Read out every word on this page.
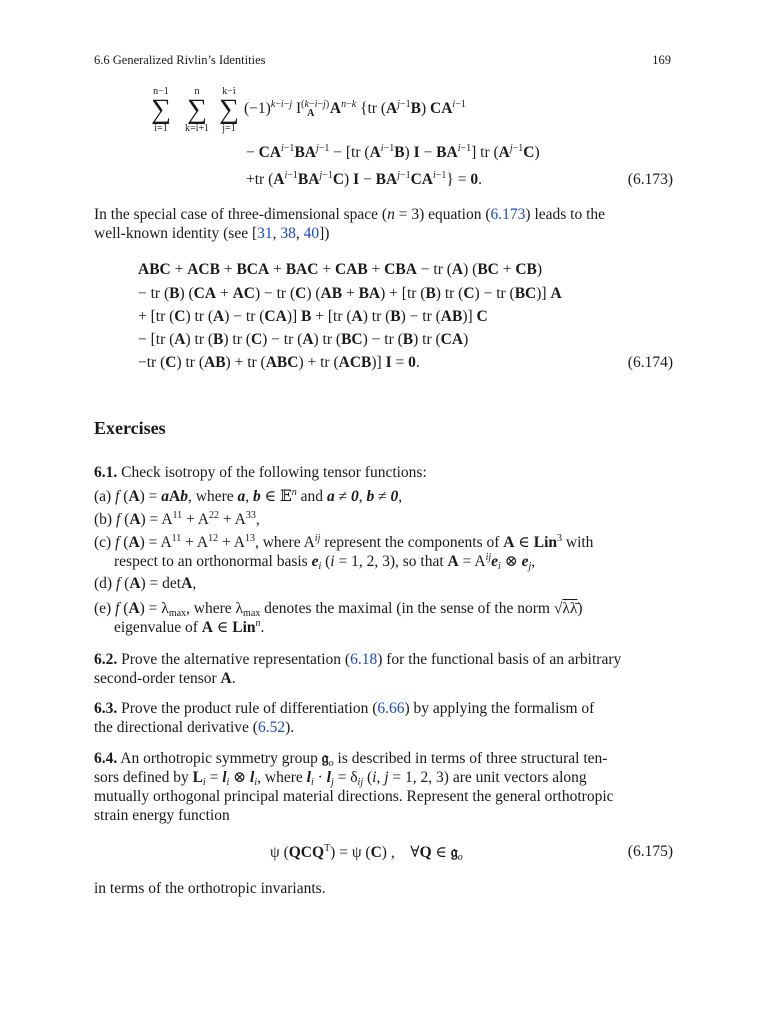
6.6 Generalized Rivlin’s Identities	169
n−1
∑
i=1
n
∑
k=i+1
k−i
∑
j=1
$(-1)^{k-i-j}$ $I^{(k-i-j)}_A$ $A^{n-k}$ {tr $(A^{j-1}B)$ $CA^{i-1}$
− $CA^{i-1}BA^{j-1} - [tr$ $(A^{i-1}B) I - BA^{i-1}$] tr $(A^{j-1}C)$
+tr $(A^{i-1}BA^{j-1}C) I - BA^{j-1}CA^{i-1}\} = 0$.	(6.173)
In the special case of three-dimensional space (n = 3) equation (6.173) leads to the
well-known identity (see [31, 38, 40])
ABC + ACB + BCA + BAC + CAB + CBA − tr (A) (BC + CB)
− tr (B) (CA + AC) − tr (C) (AB + BA) + [tr (B) tr (C) − tr (BC)] A
+ [tr (C) tr (A) − tr (CA)] B + [tr (A) tr (B) − tr (AB)] C
− [tr (A) tr (B) tr (C) − tr (A) tr (BC) − tr (B) tr (CA)
−tr (C) tr (AB) + tr (ABC) + tr (ACB)] I = 0.	(6.174)
Exercises
6.1. Check isotropy of the following tensor functions:
(a) f (A) = aAb, where a, b ∈ 𝔼$^n$ and a ≠ 0, b ≠ 0,
(b) f $(A) = A^{11} + A^{22} + A^{33}$,
(c) f $(A) = A^{11} + A^{12} + A^{13}$, where $A^{ij}$ represent the components of A ∈ Lin$^3$ with
respect to an orthonormal basis $e_i$ (i = 1, 2, 3), so that $A = A^{ij}e_i$ ⊗ $e_j$,
(d) f (A) = detA,
(e) f $(A) = \lambda_{max}$, where $\lambda_{max}$ denotes the maximal (in the sense of the norm √λλ̄)
eigenvalue of A ∈ Lin$^n$.
6.2. Prove the alternative representation (6.18) for the functional basis of an arbitrary
second-order tensor A.
6.3. Prove the product rule of differentiation (6.66) by applying the formalism of
the directional derivative (6.52).
6.4. An orthotropic symmetry group 𝔤$_o$ is described in terms of three structural ten-
sors defined by $L_i = l_i$ ⊗ $l_i$, where $l_i \cdot l_j = \delta_{ij}$ (i, j = 1, 2, 3) are unit vectors along
mutually orthogonal principal material directions. Represent the general orthotropic
strain energy function
ψ $(QCQ^T) = \psi$ (C) ,    ∀Q ∈ 𝔤$_o$	(6.175)
in terms of the orthotropic invariants.
